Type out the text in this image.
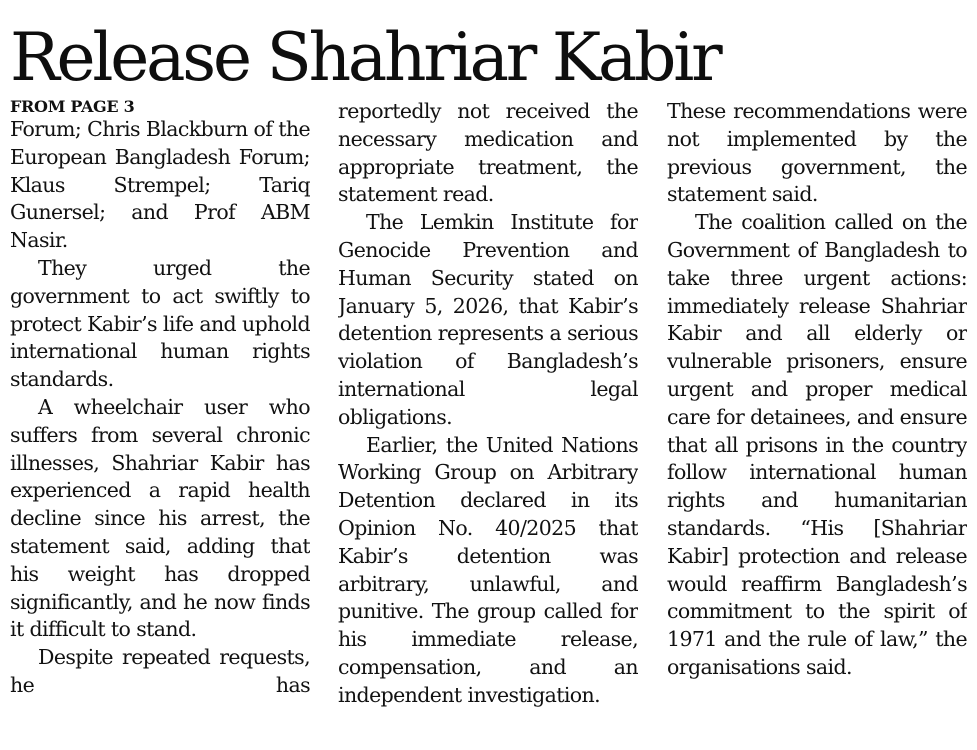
Release Shahriar Kabir

FROM PAGE 3

Forum; Chris Blackburn of the European Bangladesh Forum; Klaus Strempel; Tariq Gunersel; and Prof ABM Nasir.

They urged the government to act swiftly to protect Kabir’s life and uphold international human rights standards.

A wheelchair user who suffers from several chronic illnesses, Shahriar Kabir has experienced a rapid health decline since his arrest, the statement said, adding that his weight has dropped significantly, and he now finds it difficult to stand.

Despite repeated requests, he has

reportedly not received the necessary medication and appropriate treatment, the statement read.

The Lemkin Institute for Genocide Prevention and Human Security stated on January 5, 2026, that Kabir’s detention represents a serious violation of Bangladesh’s international legal obligations.

Earlier, the United Nations Working Group on Arbitrary Detention declared in its Opinion No. 40/2025 that Kabir’s detention was arbitrary, unlawful, and punitive. The group called for his immediate release, compensation, and an independent investigation.

These recommendations were not implemented by the previous government, the statement said.

The coalition called on the Government of Bangladesh to take three urgent actions: immediately release Shahriar Kabir and all elderly or vulnerable prisoners, ensure urgent and proper medical care for detainees, and ensure that all prisons in the country follow international human rights and humanitarian standards. “His [Shahriar Kabir] protection and release would reaffirm Bangladesh’s commitment to the spirit of 1971 and the rule of law,” the organisations said.
